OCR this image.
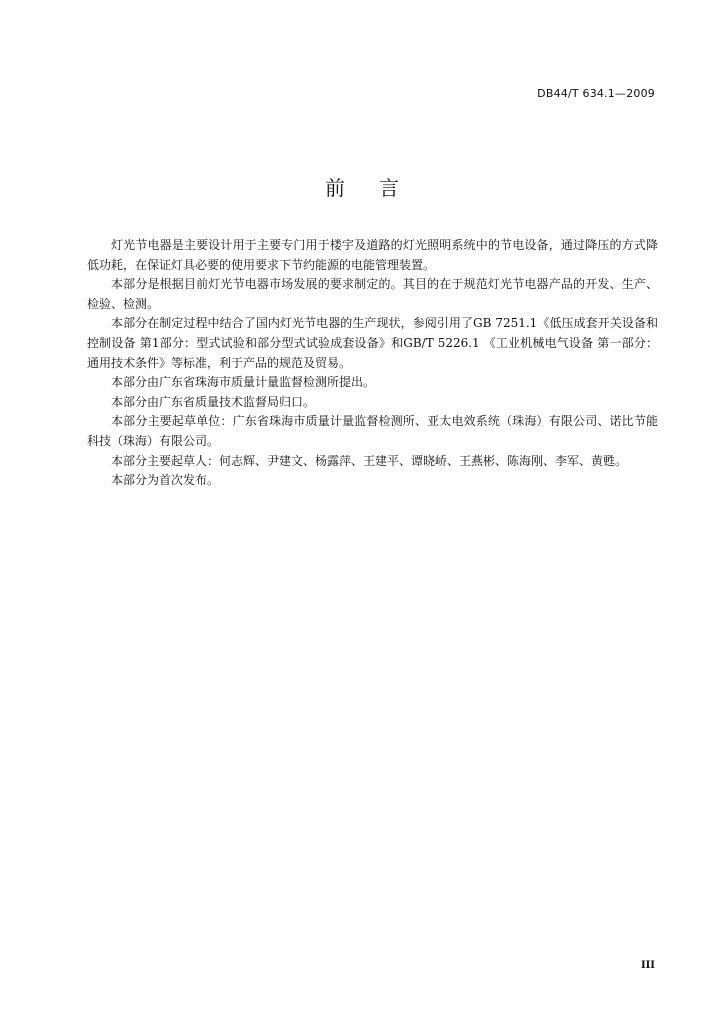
DB44/T 634.1—2009
前言

灯光节电器是主要设计用于主要专门用于楼宇及道路的灯光照明系统中的节电设备，通过降压的方式降低功耗，在保证灯具必要的使用要求下节约能源的电能管理装置。

本部分是根据目前灯光节电器市场发展的要求制定的。其目的在于规范灯光节电器产品的开发、生产、检验、检测。

本部分在制定过程中结合了国内灯光节电器的生产现状，参阅引用了GB 7251.1《低压成套开关设备和控制设备 第1部分：型式试验和部分型式试验成套设备》和GB/T 5226.1 《工业机械电气设备 第一部分：通用技术条件》等标准，利于产品的规范及贸易。

本部分由广东省珠海市质量计量监督检测所提出。

本部分由广东省质量技术监督局归口。

本部分主要起草单位：广东省珠海市质量计量监督检测所、亚太电效系统（珠海）有限公司、诺比节能科技（珠海）有限公司。

本部分主要起草人：何志辉、尹建文、杨露萍、王建平、谭晓峤、王燕彬、陈海刚、李军、黄甦。

本部分为首次发布。

III
